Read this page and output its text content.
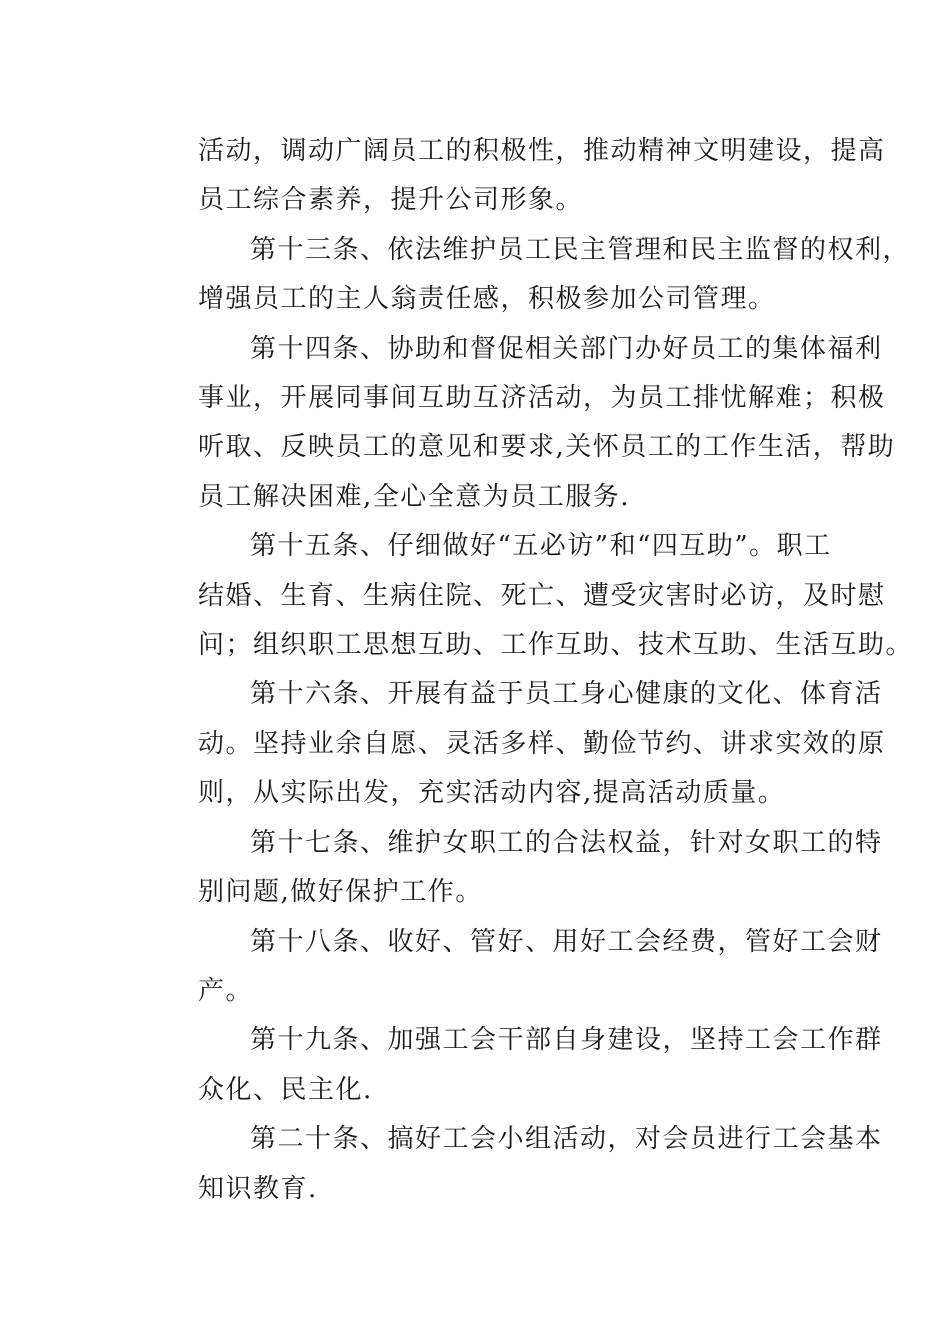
活动，调动广阔员工的积极性，推动精神文明建设，提高
员工综合素养，提升公司形象。
第十三条、依法维护员工民主管理和民主监督的权利，
增强员工的主人翁责任感，积极参加公司管理。
第十四条、协助和督促相关部门办好员工的集体福利
事业，开展同事间互助互济活动，为员工排忧解难；积极
听取、反映员工的意见和要求,关怀员工的工作生活，帮助
员工解决困难,全心全意为员工服务.
第十五条、仔细做好“五必访”和“四互助”。职工
结婚、生育、生病住院、死亡、遭受灾害时必访，及时慰
问；组织职工思想互助、工作互助、技术互助、生活互助。
第十六条、开展有益于员工身心健康的文化、体育活
动。坚持业余自愿、灵活多样、勤俭节约、讲求实效的原
则，从实际出发，充实活动内容,提高活动质量。
第十七条、维护女职工的合法权益，针对女职工的特
别问题,做好保护工作。
第十八条、收好、管好、用好工会经费，管好工会财
产。
第十九条、加强工会干部自身建设，坚持工会工作群
众化、民主化.
第二十条、搞好工会小组活动，对会员进行工会基本
知识教育.
